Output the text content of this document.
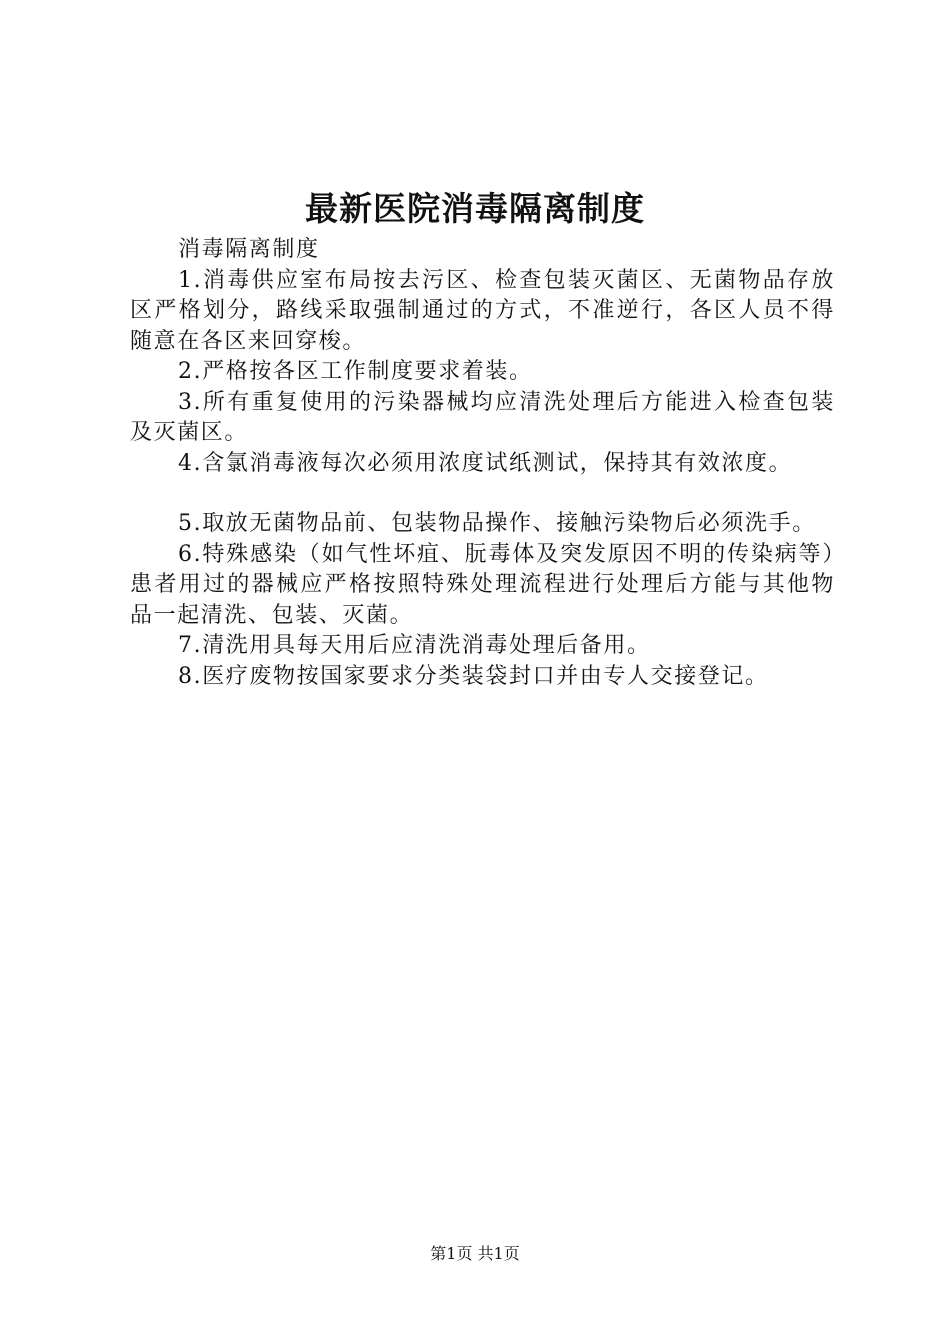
最新医院消毒隔离制度

消毒隔离制度

1.消毒供应室布局按去污区、检查包装灭菌区、无菌物品存放区严格划分，路线采取强制通过的方式，不准逆行，各区人员不得随意在各区来回穿梭。

2.严格按各区工作制度要求着装。

3.所有重复使用的污染器械均应清洗处理后方能进入检查包装及灭菌区。

4.含氯消毒液每次必须用浓度试纸测试，保持其有效浓度。

5.取放无菌物品前、包装物品操作、接触污染物后必须洗手。

6.特殊感染（如气性坏疽、朊毒体及突发原因不明的传染病等）患者用过的器械应严格按照特殊处理流程进行处理后方能与其他物品一起清洗、包装、灭菌。

7.清洗用具每天用后应清洗消毒处理后备用。

8.医疗废物按国家要求分类装袋封口并由专人交接登记。

第1页 共1页
